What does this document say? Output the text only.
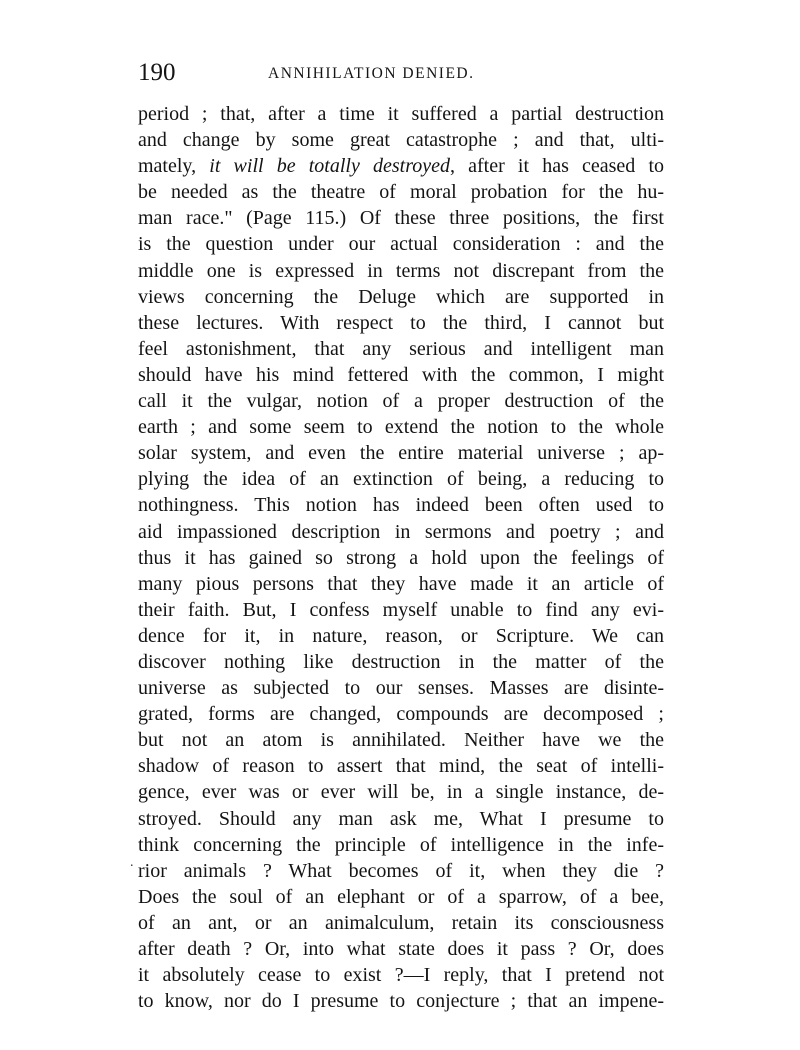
190	ANNIHILATION DENIED.
period ; that, after a time it suffered a partial destruction
and change by some great catastrophe ; and that, ulti-
mately, it will be totally destroyed, after it has ceased to
be needed as the theatre of moral probation for the hu-
man race." (Page 115.) Of these three positions, the first
is the question under our actual consideration : and the
middle one is expressed in terms not discrepant from the
views concerning the Deluge which are supported in
these lectures. With respect to the third, I cannot but
feel astonishment, that any serious and intelligent man
should have his mind fettered with the common, I might
call it the vulgar, notion of a proper destruction of the
earth ; and some seem to extend the notion to the whole
solar system, and even the entire material universe ; ap-
plying the idea of an extinction of being, a reducing to
nothingness. This notion has indeed been often used to
aid impassioned description in sermons and poetry ; and
thus it has gained so strong a hold upon the feelings of
many pious persons that they have made it an article of
their faith. But, I confess myself unable to find any evi-
dence for it, in nature, reason, or Scripture. We can
discover nothing like destruction in the matter of the
universe as subjected to our senses. Masses are disinte-
grated, forms are changed, compounds are decomposed ;
but not an atom is annihilated. Neither have we the
shadow of reason to assert that mind, the seat of intelli-
gence, ever was or ever will be, in a single instance, de-
stroyed. Should any man ask me, What I presume to
think concerning the principle of intelligence in the infe-
rior animals ? What becomes of it, when they die ?
Does the soul of an elephant or of a sparrow, of a bee,
of an ant, or an animalculum, retain its consciousness
after death ? Or, into what state does it pass ? Or, does
it absolutely cease to exist ?—I reply, that I pretend not
to know, nor do I presume to conjecture ; that an impene-
.
